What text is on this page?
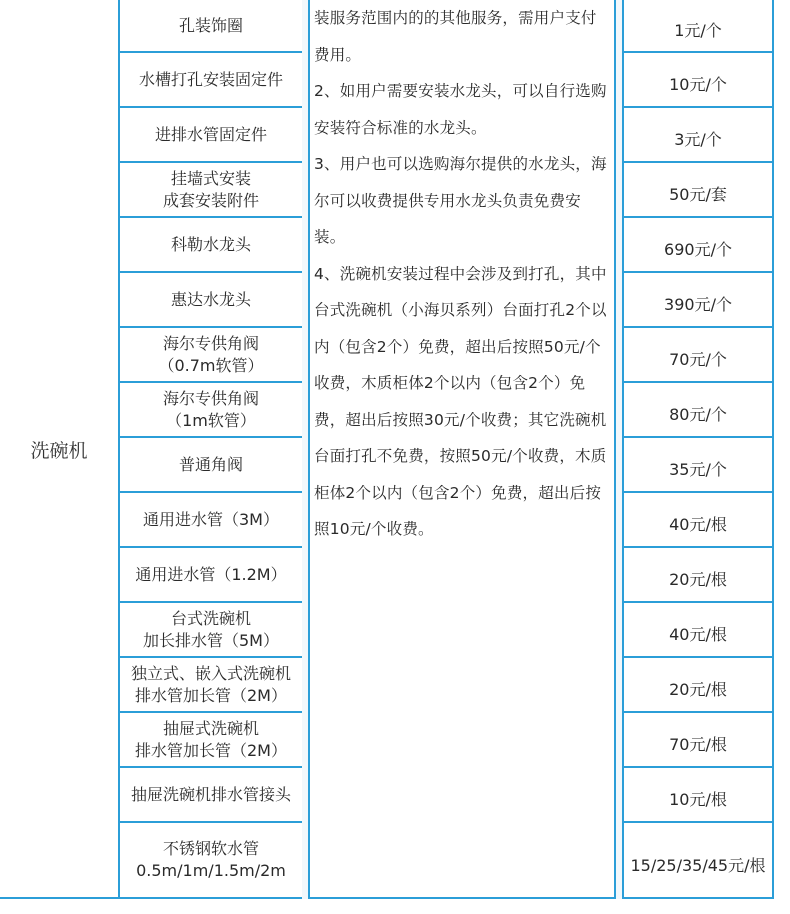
洗碗机
孔装饰圈
水槽打孔安装固定件
进排水管固定件
挂墙式安装
成套安装附件
科勒水龙头
惠达水龙头
海尔专供角阀
（0.7m软管）
海尔专供角阀
（1m软管）
普通角阀
通用进水管（3M）
通用进水管（1.2M）
台式洗碗机
加长排水管（5M）
独立式、嵌入式洗碗机
排水管加长管（2M）
抽屉式洗碗机
排水管加长管（2M）
抽屉洗碗机排水管接头
不锈钢软水管
0.5m/1m/1.5m/2m

装服务范围内的的其他服务，需用户支付费用。

2、如用户需要安装水龙头，可以自行选购安装符合标准的水龙头。

3、用户也可以选购海尔提供的水龙头，海尔可以收费提供专用水龙头负责免费安装。

4、洗碗机安装过程中会涉及到打孔，其中台式洗碗机（小海贝系列）台面打孔2个以内（包含2个）免费，超出后按照50元/个收费，木质柜体2个以内（包含2个）免费，超出后按照30元/个收费；其它洗碗机台面打孔不免费，按照50元/个收费，木质柜体2个以内（包含2个）免费，超出后按照10元/个收费。

1元/个
10元/个
3元/个
50元/套
690元/个
390元/个
70元/个
80元/个
35元/个
40元/根
20元/根
40元/根
20元/根
70元/根
10元/根
15/25/35/45元/根
